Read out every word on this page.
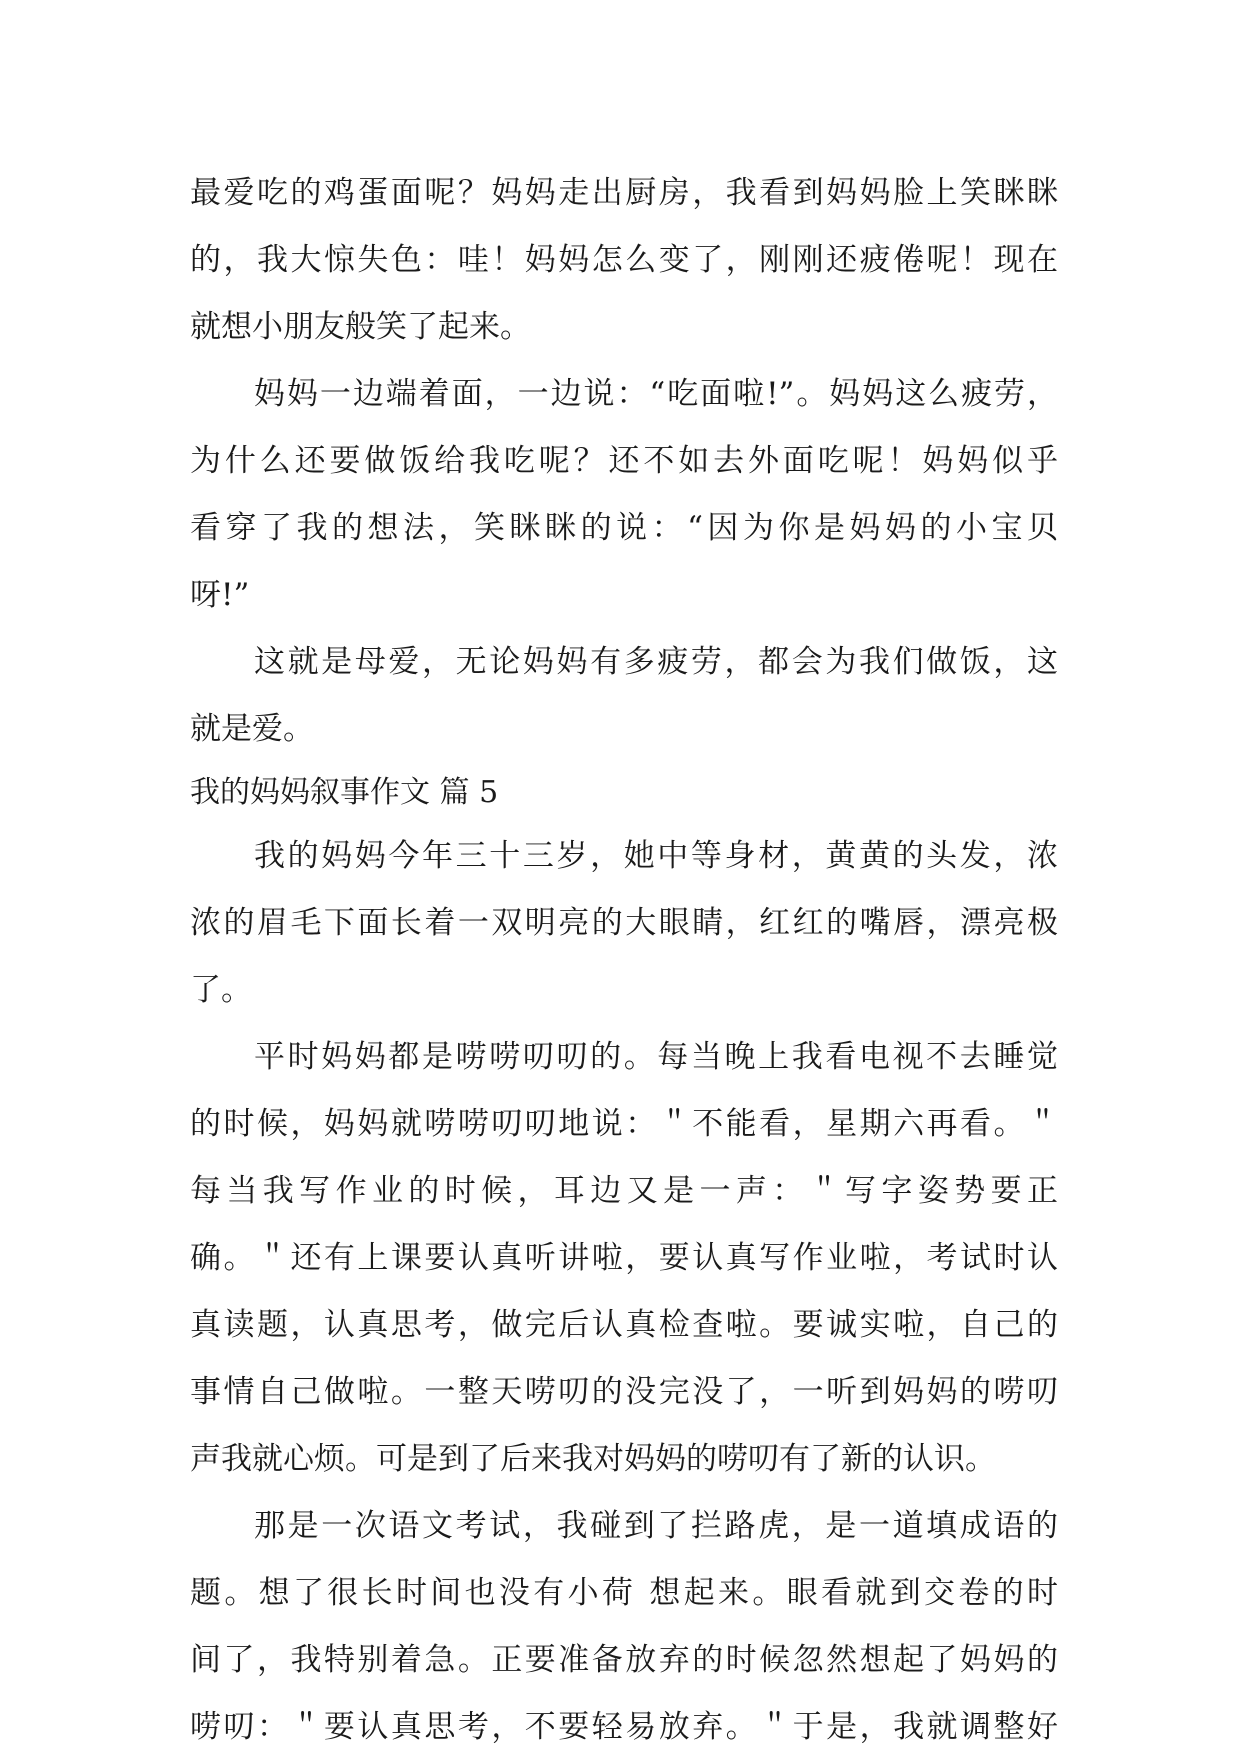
最爱吃的鸡蛋面呢？妈妈走出厨房，我看到妈妈脸上笑眯眯
的，我大惊失色：哇！妈妈怎么变了，刚刚还疲倦呢！现在
就想小朋友般笑了起来。
妈妈一边端着面，一边说：“吃面啦!”。妈妈这么疲劳，
为什么还要做饭给我吃呢？还不如去外面吃呢！妈妈似乎
看穿了我的想法，笑眯眯的说：“因为你是妈妈的小宝贝
呀!”
这就是母爱，无论妈妈有多疲劳，都会为我们做饭，这
就是爱。
我的妈妈叙事作文 篇 5
我的妈妈今年三十三岁，她中等身材，黄黄的头发，浓
浓的眉毛下面长着一双明亮的大眼睛，红红的嘴唇，漂亮极
了。
平时妈妈都是唠唠叨叨的。每当晚上我看电视不去睡觉
的时候，妈妈就唠唠叨叨地说：＂不能看，星期六再看。＂
每当我写作业的时候，耳边又是一声：＂写字姿势要正
确。＂还有上课要认真听讲啦，要认真写作业啦，考试时认
真读题，认真思考，做完后认真检查啦。要诚实啦，自己的
事情自己做啦。一整天唠叨的没完没了，一听到妈妈的唠叨
声我就心烦。可是到了后来我对妈妈的唠叨有了新的认识。
那是一次语文考试，我碰到了拦路虎，是一道填成语的
题。想了很长时间也没有小荷 想起来。眼看就到交卷的时
间了，我特别着急。正要准备放弃的时候忽然想起了妈妈的
唠叨：＂要认真思考，不要轻易放弃。＂于是，我就调整好
